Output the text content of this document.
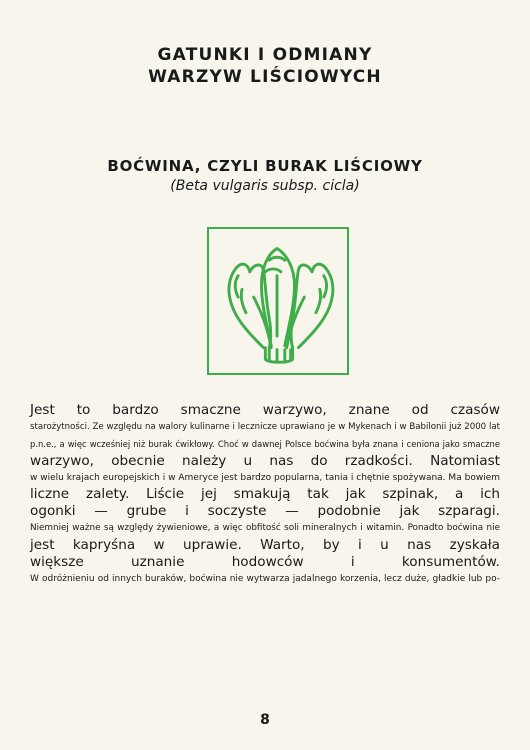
GATUNKI I ODMIANY
WARZYW LIŚCIOWYCH
BOĆWINA, CZYLI BURAK LIŚCIOWY
(Beta vulgaris subsp. cicla)
Jest to bardzo smaczne warzywo, znane od czasów
starożytności. Ze względu na walory kulinarne i lecznicze uprawiano je w Mykenach i w Babilonii już 2000 lat
p.n.e., a więc wcześniej niż burak ćwikłowy. Choć w dawnej Polsce boćwina była znana i ceniona jako smaczne
warzywo, obecnie należy u nas do rzadkości. Natomiast
w wielu krajach europejskich i w Ameryce jest bardzo popularna, tania i chętnie spożywana. Ma bowiem
liczne zalety. Liście jej smakują tak jak szpinak, a ich
ogonki — grube i soczyste — podobnie jak szparagi.
Niemniej ważne są względy żywieniowe, a więc obfitość soli mineralnych i witamin. Ponadto boćwina nie
jest kapryśna w uprawie. Warto, by i u nas zyskała
większe uznanie hodowców i konsumentów.
W odróżnieniu od innych buraków, boćwina nie wytwarza jadalnego korzenia, lecz duże, gładkie lub po-
8
